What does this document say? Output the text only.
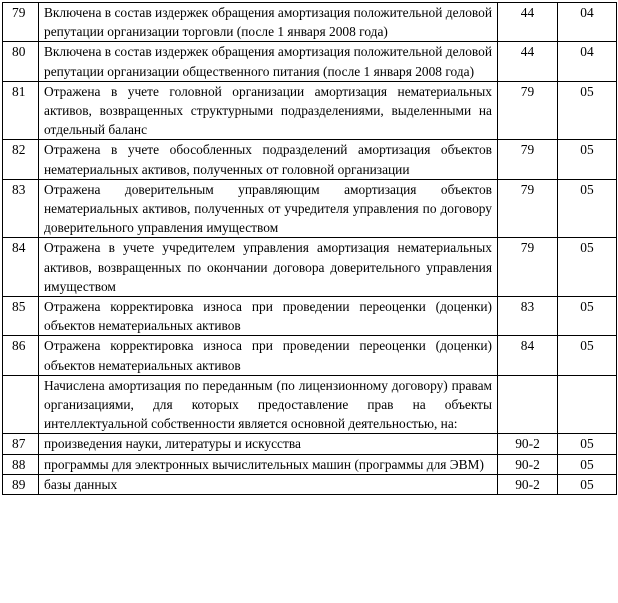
79	Включена в состав издержек обращения амортизация положительной деловой репутации организации торговли (после 1 января 2008 года)	44	04
80	Включена в состав издержек обращения амортизация положительной деловой репутации организации общественного питания (после 1 января 2008 года)	44	04
81	Отражена в учете головной организации амортизация нематериальных активов, возвращенных структурными подразделениями, выделенными на отдельный баланс	79	05
82	Отражена в учете обособленных подразделений амортизация объектов нематериальных активов, полученных от головной организации	79	05
83	Отражена доверительным управляющим амортизация объектов нематериальных активов, полученных от учредителя управления по договору доверительного управления имуществом	79	05
84	Отражена в учете учредителем управления амортизация нематериальных активов, возвращенных по окончании договора доверительного управления имуществом	79	05
85	Отражена корректировка износа при проведении переоценки (доценки) объектов нематериальных активов	83	05
86	Отражена корректировка износа при проведении переоценки (доценки) объектов нематериальных активов	84	05
	Начислена амортизация по переданным (по лицензионному договору) правам организациями, для которых предоставление прав на объекты интеллектуальной собственности является основной деятельностью, на:		
87	произведения науки, литературы и искусства	90-2	05
88	программы для электронных вычислительных машин (программы для ЭВМ)	90-2	05
89	базы данных	90-2	05
